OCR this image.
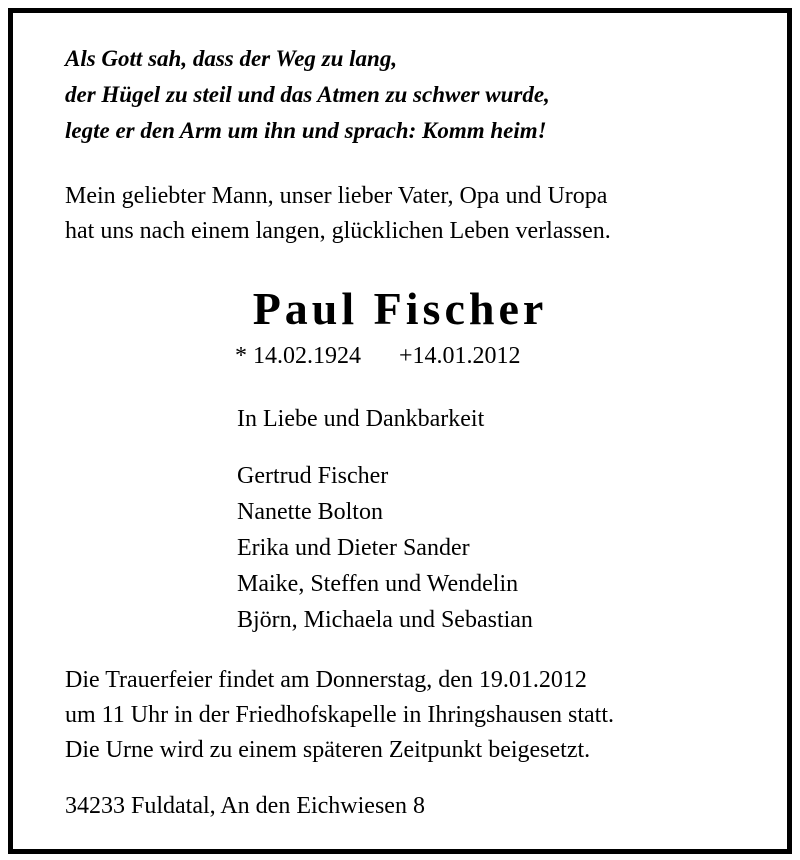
Als Gott sah, dass der Weg zu lang,
der Hügel zu steil und das Atmen zu schwer wurde,
legte er den Arm um ihn und sprach: Komm heim!
Mein geliebter Mann, unser lieber Vater, Opa und Uropa
hat uns nach einem langen, glücklichen Leben verlassen.
Paul Fischer
* 14.02.1924 +14.01.2012
In Liebe und Dankbarkeit
Gertrud Fischer
Nanette Bolton
Erika und Dieter Sander
Maike, Steffen und Wendelin
Björn, Michaela und Sebastian
Die Trauerfeier findet am Donnerstag, den 19.01.2012
um 11 Uhr in der Friedhofskapelle in Ihringshausen statt.
Die Urne wird zu einem späteren Zeitpunkt beigesetzt.
34233 Fuldatal, An den Eichwiesen 8
